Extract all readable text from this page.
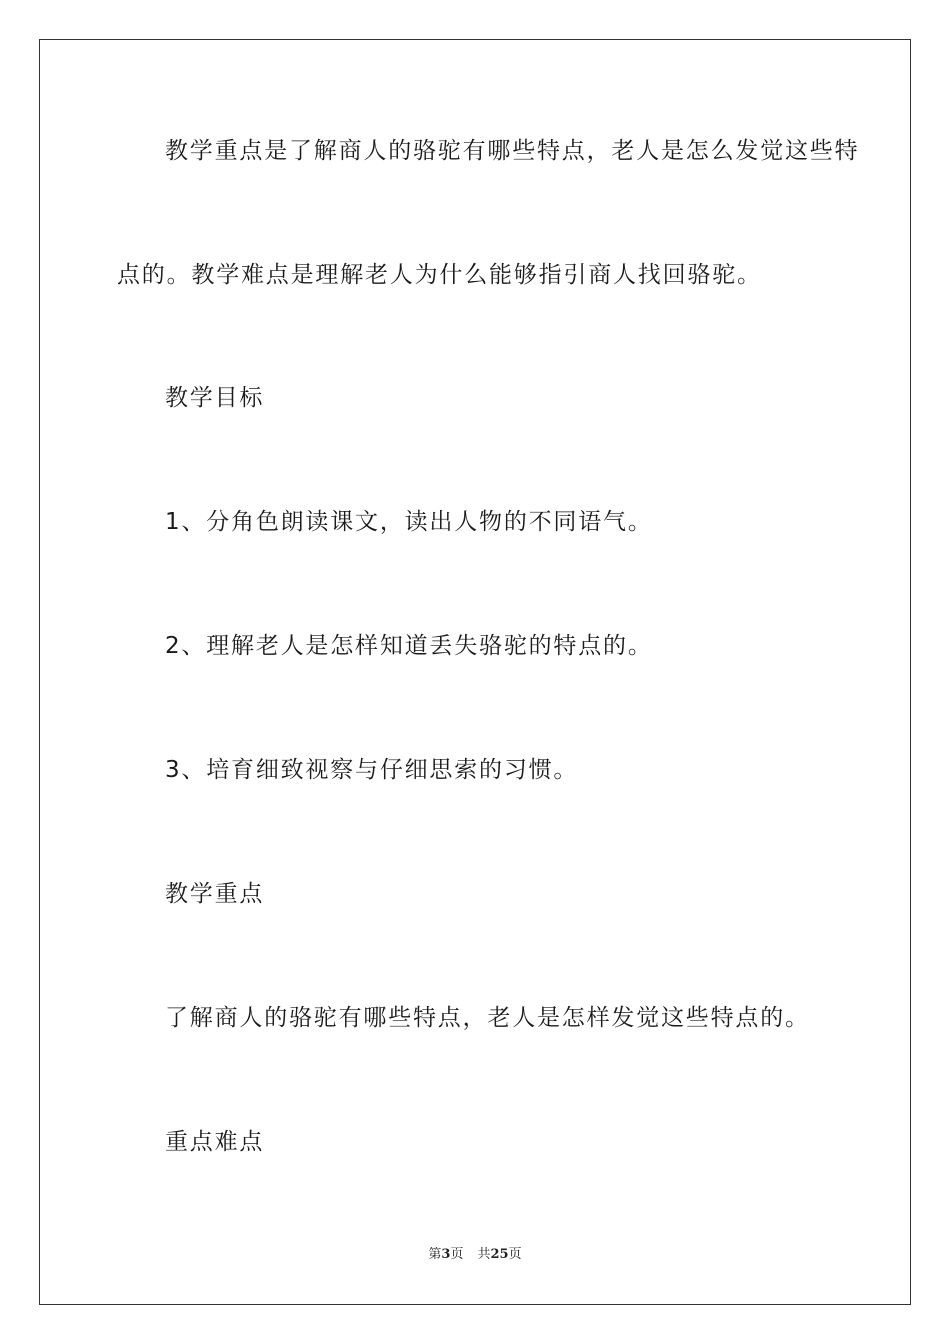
教学重点是了解商人的骆驼有哪些特点，老人是怎么发觉这些特
点的。教学难点是理解老人为什么能够指引商人找回骆驼。
教学目标
1、分角色朗读课文，读出人物的不同语气。
2、理解老人是怎样知道丢失骆驼的特点的。
3、培育细致视察与仔细思索的习惯。
教学重点
了解商人的骆驼有哪些特点，老人是怎样发觉这些特点的。
重点难点
第3页 共25页
